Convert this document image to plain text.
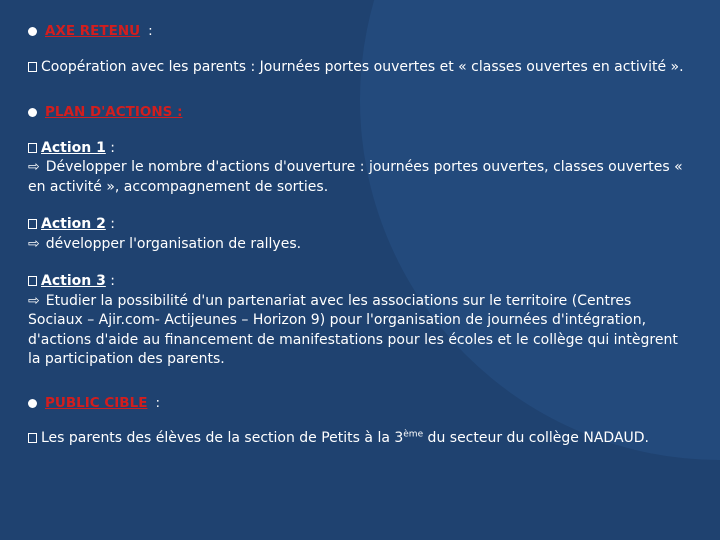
AXE RETENU :
Coopération avec les parents : Journées portes ouvertes et « classes ouvertes en activité ».
PLAN D'ACTIONS :
Action 1 :
⇨ Développer le nombre d'actions d'ouverture : journées portes ouvertes, classes ouvertes « en activité », accompagnement de sorties.
Action 2 :
⇨ développer l'organisation de rallyes.
Action 3 :
⇨ Etudier la possibilité d'un partenariat avec les associations sur le territoire (Centres Sociaux – Ajir.com- Actijeunes – Horizon 9) pour l'organisation de journées d'intégration, d'actions d'aide au financement de manifestations pour les écoles et le collège qui intègrent la participation des parents.
PUBLIC CIBLE :
Les parents des élèves de la section de Petits à la 3ème du secteur du collège NADAUD.
